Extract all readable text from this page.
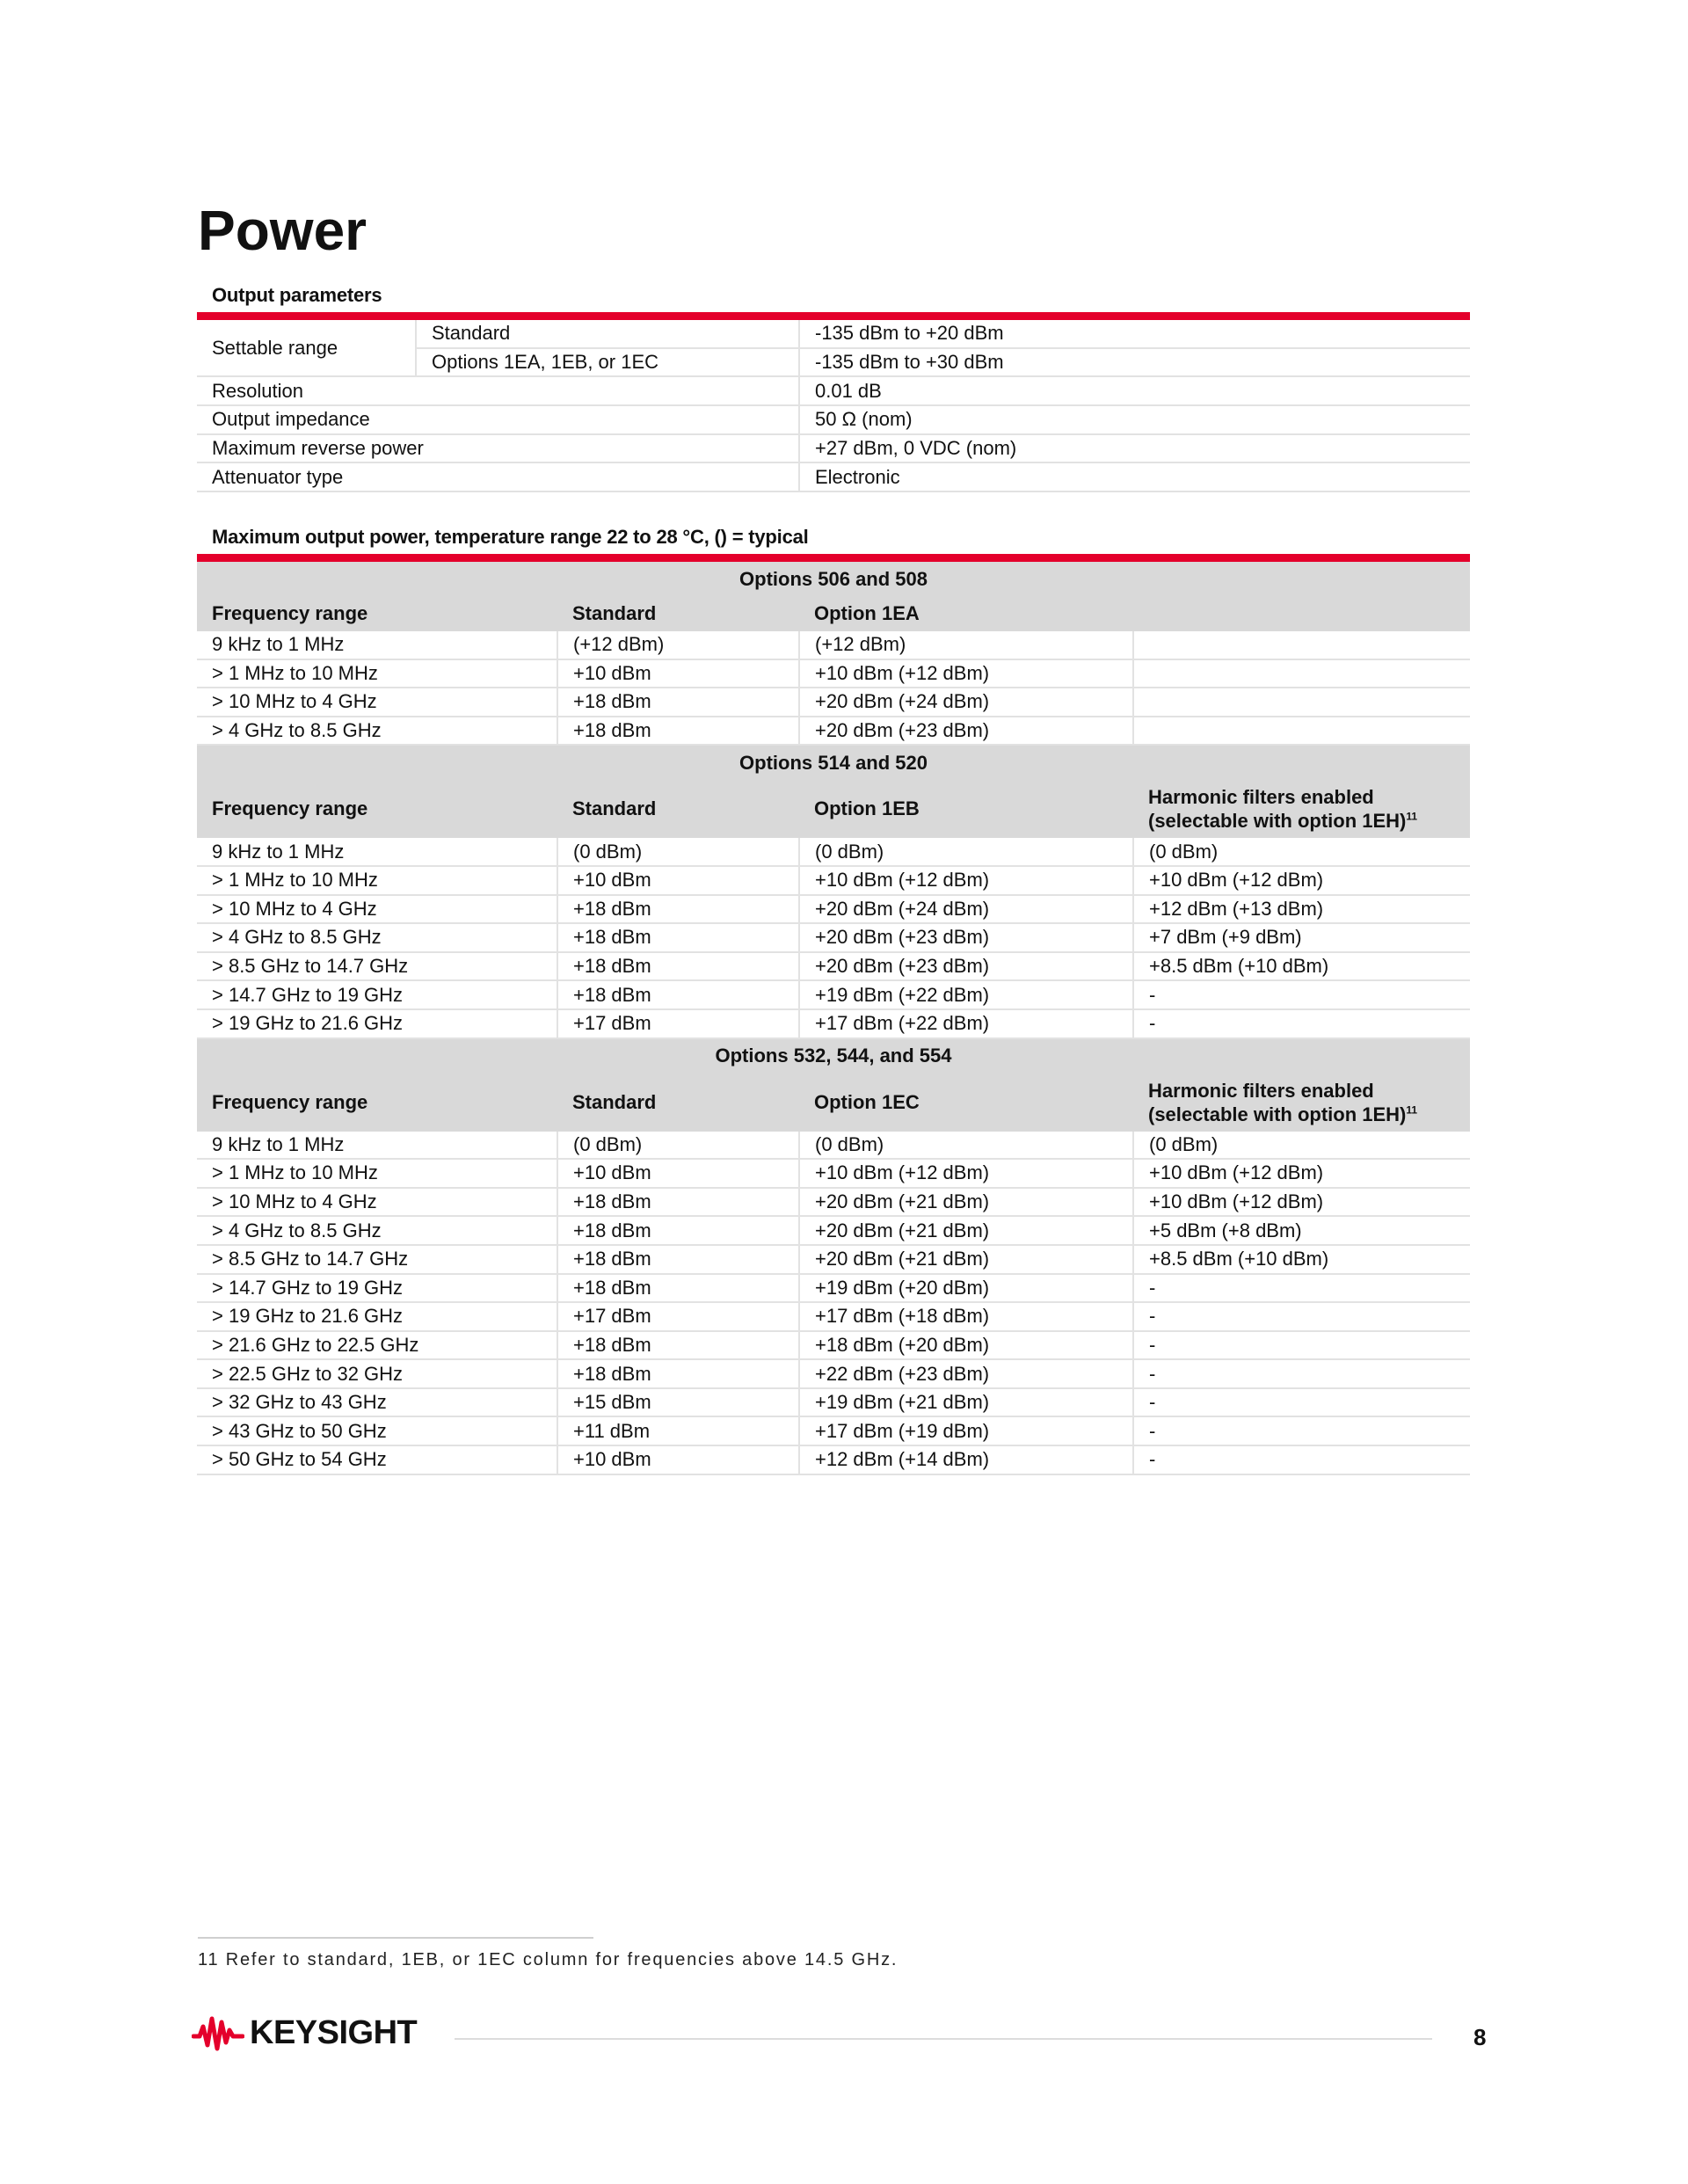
Power
Output parameters
Settable range	Standard	-135 dBm to +20 dBm
	Options 1EA, 1EB, or 1EC	-135 dBm to +30 dBm
Resolution		0.01 dB
Output impedance		50 Ω (nom)
Maximum reverse power		+27 dBm, 0 VDC (nom)
Attenuator type		Electronic
Maximum output power, temperature range 22 to 28 °C, () = typical
Options 506 and 508			
Frequency range	Standard	Option 1EA	
9 kHz to 1 MHz	(+12 dBm)	(+12 dBm)	
> 1 MHz to 10 MHz	+10 dBm	+10 dBm (+12 dBm)	
> 10 MHz to 4 GHz	+18 dBm	+20 dBm (+24 dBm)	
> 4 GHz to 8.5 GHz	+18 dBm	+20 dBm (+23 dBm)	
Options 514 and 520			
Frequency range	Standard	Option 1EB	Harmonic filters enabled (selectable with option 1EH)$^{11}$
9 kHz to 1 MHz	(0 dBm)	(0 dBm)	(0 dBm)
> 1 MHz to 10 MHz	+10 dBm	+10 dBm (+12 dBm)	+10 dBm (+12 dBm)
> 10 MHz to 4 GHz	+18 dBm	+20 dBm (+24 dBm)	+12 dBm (+13 dBm)
> 4 GHz to 8.5 GHz	+18 dBm	+20 dBm (+23 dBm)	+7 dBm (+9 dBm)
> 8.5 GHz to 14.7 GHz	+18 dBm	+20 dBm (+23 dBm)	+8.5 dBm (+10 dBm)
> 14.7 GHz to 19 GHz	+18 dBm	+19 dBm (+22 dBm)	-
> 19 GHz to 21.6 GHz	+17 dBm	+17 dBm (+22 dBm)	-
Options 532, 544, and 554			
Frequency range	Standard	Option 1EC	Harmonic filters enabled (selectable with option 1EH)$^{11}$
9 kHz to 1 MHz	(0 dBm)	(0 dBm)	(0 dBm)
> 1 MHz to 10 MHz	+10 dBm	+10 dBm (+12 dBm)	+10 dBm (+12 dBm)
> 10 MHz to 4 GHz	+18 dBm	+20 dBm (+21 dBm)	+10 dBm (+12 dBm)
> 4 GHz to 8.5 GHz	+18 dBm	+20 dBm (+21 dBm)	+5 dBm (+8 dBm)
> 8.5 GHz to 14.7 GHz	+18 dBm	+20 dBm (+21 dBm)	+8.5 dBm (+10 dBm)
> 14.7 GHz to 19 GHz	+18 dBm	+19 dBm (+20 dBm)	-
> 19 GHz to 21.6 GHz	+17 dBm	+17 dBm (+18 dBm)	-
> 21.6 GHz to 22.5 GHz	+18 dBm	+18 dBm (+20 dBm)	-
> 22.5 GHz to 32 GHz	+18 dBm	+22 dBm (+23 dBm)	-
> 32 GHz to 43 GHz	+15 dBm	+19 dBm (+21 dBm)	-
> 43 GHz to 50 GHz	+11 dBm	+17 dBm (+19 dBm)	-
> 50 GHz to 54 GHz	+10 dBm	+12 dBm (+14 dBm)	-
11 Refer to standard, 1EB, or 1EC column for frequencies above 14.5 GHz.
KEYSIGHT	8
